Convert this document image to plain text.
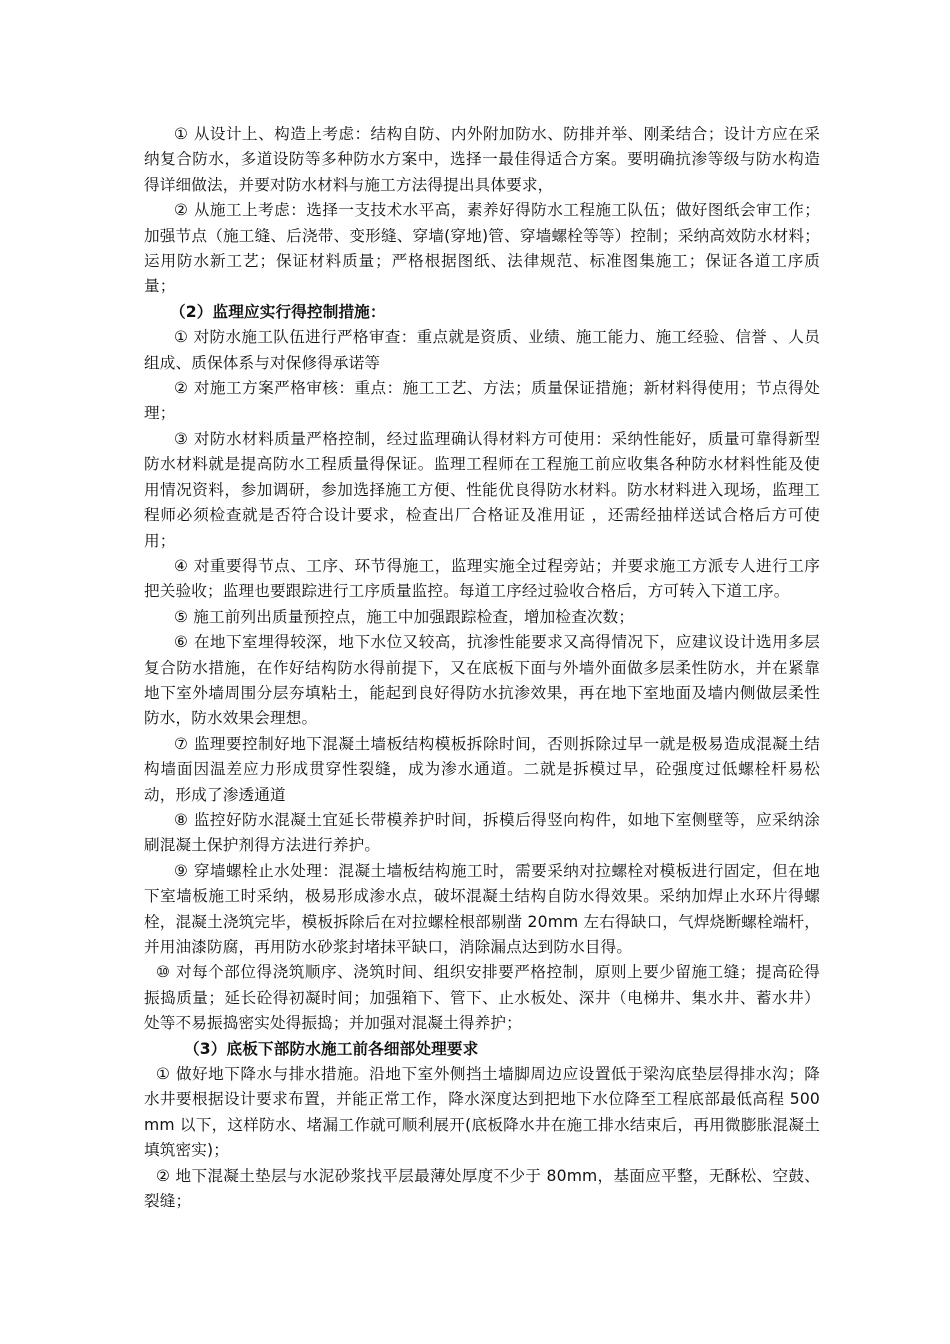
① 从设计上、构造上考虑：结构自防、内外附加防水、防排并举、刚柔结合；设计方应在采纳复合防水，多道设防等多种防水方案中，选择一最佳得适合方案。要明确抗渗等级与防水构造得详细做法，并要对防水材料与施工方法得提出具体要求，

② 从施工上考虑：选择一支技术水平高，素养好得防水工程施工队伍；做好图纸会审工作；加强节点（施工缝、后浇带、变形缝、穿墙(穿地)管、穿墙螺栓等等）控制；采纳高效防水材料；运用防水新工艺；保证材料质量；严格根据图纸、法律规范、标准图集施工；保证各道工序质量；

（2）监理应实行得控制措施：

① 对防水施工队伍进行严格审查：重点就是资质、业绩、施工能力、施工经验、信誉 、人员组成、质保体系与对保修得承诺等

② 对施工方案严格审核：重点：施工工艺、方法；质量保证措施；新材料得使用；节点得处理；

③ 对防水材料质量严格控制，经过监理确认得材料方可使用：采纳性能好，质量可靠得新型防水材料就是提高防水工程质量得保证。监理工程师在工程施工前应收集各种防水材料性能及使用情况资料，参加调研，参加选择施工方便、性能优良得防水材料。防水材料进入现场，监理工程师必须检查就是否符合设计要求，检查出厂合格证及准用证 ，还需经抽样送试合格后方可使用；

④ 对重要得节点、工序、环节得施工，监理实施全过程旁站；并要求施工方派专人进行工序把关验收；监理也要跟踪进行工序质量监控。每道工序经过验收合格后，方可转入下道工序。

⑤ 施工前列出质量预控点，施工中加强跟踪检查，增加检查次数；

⑥ 在地下室埋得较深，地下水位又较高，抗渗性能要求又高得情况下，应建议设计选用多层复合防水措施，在作好结构防水得前提下，又在底板下面与外墙外面做多层柔性防水，并在紧靠地下室外墙周围分层夯填粘土，能起到良好得防水抗渗效果，再在地下室地面及墙内侧做层柔性防水，防水效果会理想。

⑦ 监理要控制好地下混凝土墙板结构模板拆除时间，否则拆除过早一就是极易造成混凝土结构墙面因温差应力形成贯穿性裂缝，成为渗水通道。二就是拆模过早，砼强度过低螺栓杆易松动，形成了渗透通道

⑧ 监控好防水混凝土宜延长带模养护时间，拆模后得竖向构件，如地下室侧壁等，应采纳涂刷混凝土保护剂得方法进行养护。

⑨ 穿墙螺栓止水处理：混凝土墙板结构施工时，需要采纳对拉螺栓对模板进行固定，但在地下室墙板施工时采纳，极易形成渗水点，破坏混凝土结构自防水得效果。采纳加焊止水环片得螺栓，混凝土浇筑完毕，模板拆除后在对拉螺栓根部剔凿 20mm 左右得缺口，气焊烧断螺栓端杆，并用油漆防腐，再用防水砂浆封堵抹平缺口，消除漏点达到防水目得。

⑩ 对每个部位得浇筑顺序、浇筑时间、组织安排要严格控制，原则上要少留施工缝；提高砼得振捣质量；延长砼得初凝时间；加强箱下、管下、止水板处、深井（电梯井、集水井、蓄水井）处等不易振捣密实处得振捣；并加强对混凝土得养护；

（3）底板下部防水施工前各细部处理要求

① 做好地下降水与排水措施。沿地下室外侧挡土墙脚周边应设置低于梁沟底垫层得排水沟；降水井要根据设计要求布置，并能正常工作，降水深度达到把地下水位降至工程底部最低高程 500mm 以下，这样防水、堵漏工作就可顺利展开(底板降水井在施工排水结束后，再用微膨胀混凝土填筑密实)；

② 地下混凝土垫层与水泥砂浆找平层最薄处厚度不少于 80mm，基面应平整，无酥松、空鼓、裂缝；
